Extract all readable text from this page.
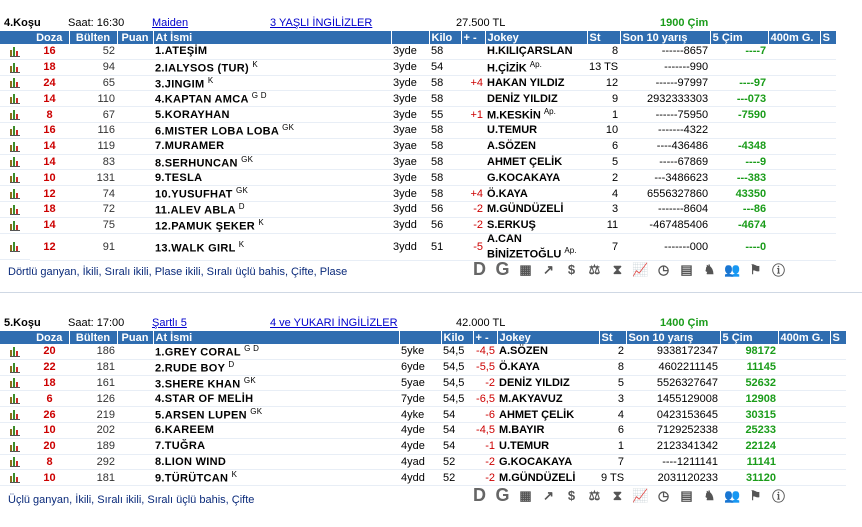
4.Koşu Saat: 16:30	Maiden	3 YAŞLI İNGİLİZLER	27.500 TL	1900 Çim
Doza	Bülten	Puan	At İsmi		Kilo	+ -	Jokey	St	Son 10 yarış	5 Çim	400m G.	S
16	52		1.ATEŞİM	3yde	58		H.KILIÇARSLAN	8	------8657	----7		
18	94		2.IALYSOS (TUR) $^K$	3yde	54		H.ÇİZİK $^{Ap.}$	13 TS	-------990			
24	65		3.JINGIM $^K$	3yde	58	+4	HAKAN YILDIZ	12	------97997	----97		
14	110		4.KAPTAN AMCA $^{G D}$	3yde	58		DENİZ YILDIZ	9	2932333303	---073		
8	67		5.KORAYHAN	3yde	55	+1	M.KESKİN $^{Ap.}$	1	------75950	-7590		
16	116		6.MISTER LOBA LOBA $^{GK}$	3yae	58		U.TEMUR	10	-------4322			
14	119		7.MURAMER	3yae	58		A.SÖZEN	6	----436486	-4348		
14	83		8.SERHUNCAN $^{GK}$	3yae	58		AHMET ÇELİK	5	-----67869	----9		
10	131		9.TESLA	3yde	58		G.KOCAKAYA	2	---3486623	---383		
12	74		10.YUSUFHAT $^{GK}$	3yde	58	+4	Ö.KAYA	4	6556327860	43350		
18	72		11.ALEV ABLA $^D$	3ydd	56	-2	M.GÜNDÜZELİ	3	-------8604	---86		
14	75		12.PAMUK ŞEKER $^K$	3ydd	56	-2	S.ERKUŞ	11	-467485406	-4674		
12	91		13.WALK GIRL $^K$	3ydd	51	-5	A.CAN BİNİZETOĞLU $^{Ap.}$	7	-------000	----0		
Dörtlü ganyan, İkili, Sıralı ikili, Plase ikili, Sıralı üçlü bahis, Çifte, Plase	D G ▦ ↗	$	⚖ ⧗ 📈 ◷ ▤ ♞ 👥 ⚑ ⓘ
5.Koşu Saat: 17:00	Şartlı 5	4 ve YUKARI İNGİLİZLER	42.000 TL	1400 Çim
Doza	Bülten	Puan	At İsmi		Kilo	+ -	Jokey	St	Son 10 yarış	5 Çim	400m G.	S
20	186		1.GREY CORAL $^{G D}$	5yke	54,5	-4,5	A.SÖZEN	2	9338172347	98172		
22	181		2.RUDE BOY $^D$	6yde	54,5	-5,5	Ö.KAYA	8	4602211145	11145		
18	161		3.SHERE KHAN $^{GK}$	5yae	54,5	-2	DENİZ YILDIZ	5	5526327647	52632		
6	126		4.STAR OF MELİH	7yde	54,5	-6,5	M.AKYAVUZ	3	1455129008	12908		
26	219		5.ARSEN LUPEN $^{GK}$	4yke	54	-6	AHMET ÇELİK	4	0423153645	30315		
10	202		6.KAREEM	4yde	54	-4,5	M.BAYIR	6	7129252338	25233		
20	189		7.TUĞRA	4yde	54	-1	U.TEMUR	1	2123341342	22124		
8	292		8.LION WIND	4yad	52	-2	G.KOCAKAYA	7	----1211141	11141		
10	181		9.TÜRÜTCAN $^K$	4ydd	52	-2	M.GÜNDÜZELİ	9 TS	2031120233	31120		
Üçlü ganyan, İkili, Sıralı ikili, Sıralı üçlü bahis, Çifte	D G ▦ ↗	$	⚖ ⧗ 📈 ◷ ▤ ♞ 👥 ⚑ ⓘ
